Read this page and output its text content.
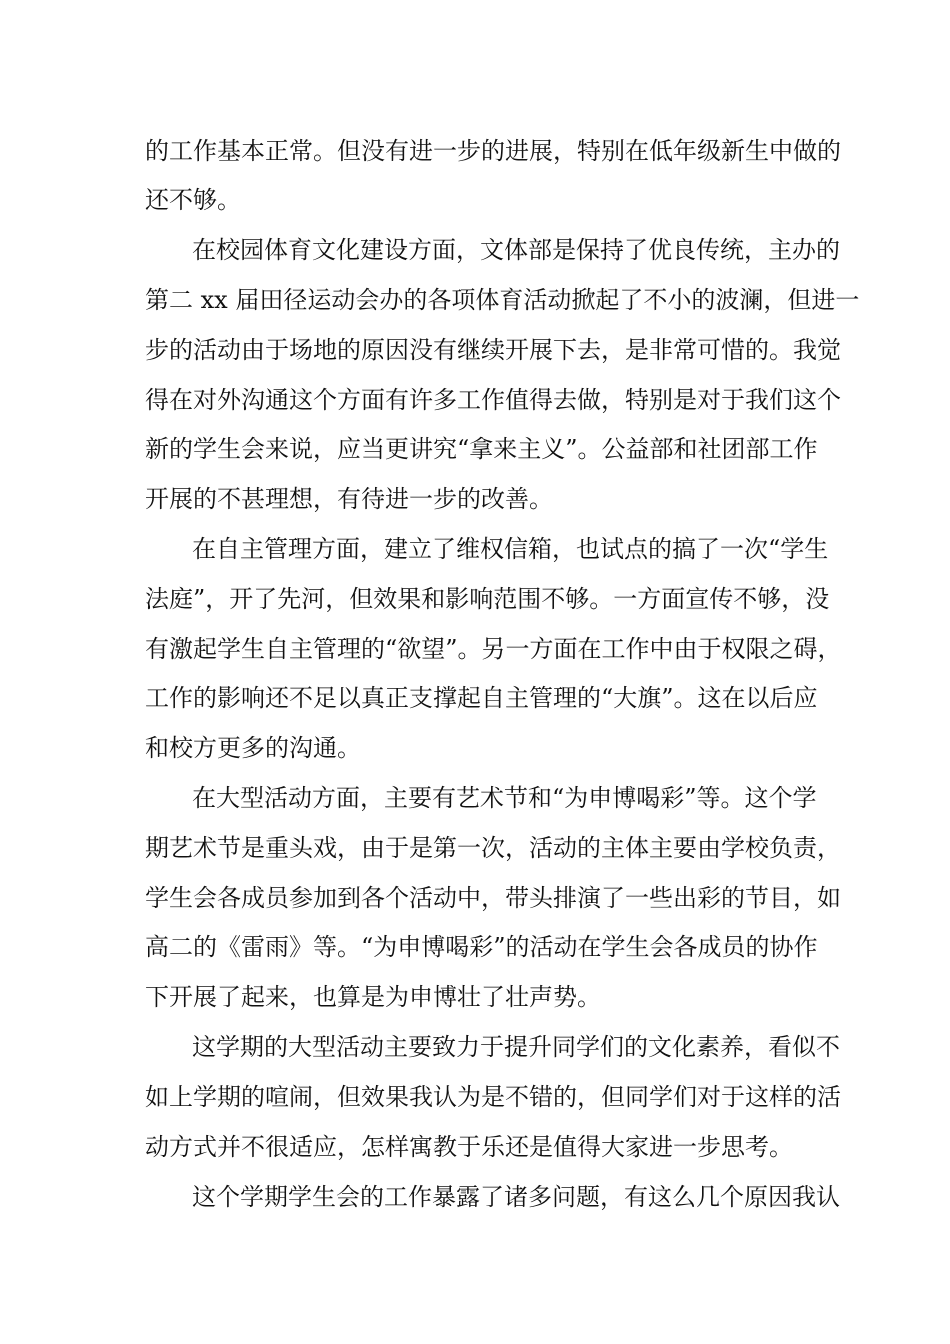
的工作基本正常。但没有进一步的进展，特别在低年级新生中做的

还不够。

在校园体育文化建设方面，文体部是保持了优良传统，主办的

第二 xx 届田径运动会办的各项体育活动掀起了不小的波澜，但进一

步的活动由于场地的原因没有继续开展下去，是非常可惜的。我觉

得在对外沟通这个方面有许多工作值得去做，特别是对于我们这个

新的学生会来说，应当更讲究“拿来主义”。公益部和社团部工作

开展的不甚理想，有待进一步的改善。

在自主管理方面，建立了维权信箱，也试点的搞了一次“学生

法庭”，开了先河，但效果和影响范围不够。一方面宣传不够，没

有激起学生自主管理的“欲望”。另一方面在工作中由于权限之碍，

工作的影响还不足以真正支撑起自主管理的“大旗”。这在以后应

和校方更多的沟通。

在大型活动方面，主要有艺术节和“为申博喝彩”等。这个学

期艺术节是重头戏，由于是第一次，活动的主体主要由学校负责，

学生会各成员参加到各个活动中，带头排演了一些出彩的节目，如

高二的《雷雨》等。“为申博喝彩”的活动在学生会各成员的协作

下开展了起来，也算是为申博壮了壮声势。

这学期的大型活动主要致力于提升同学们的文化素养，看似不

如上学期的喧闹，但效果我认为是不错的，但同学们对于这样的活

动方式并不很适应，怎样寓教于乐还是值得大家进一步思考。

这个学期学生会的工作暴露了诸多问题，有这么几个原因我认
